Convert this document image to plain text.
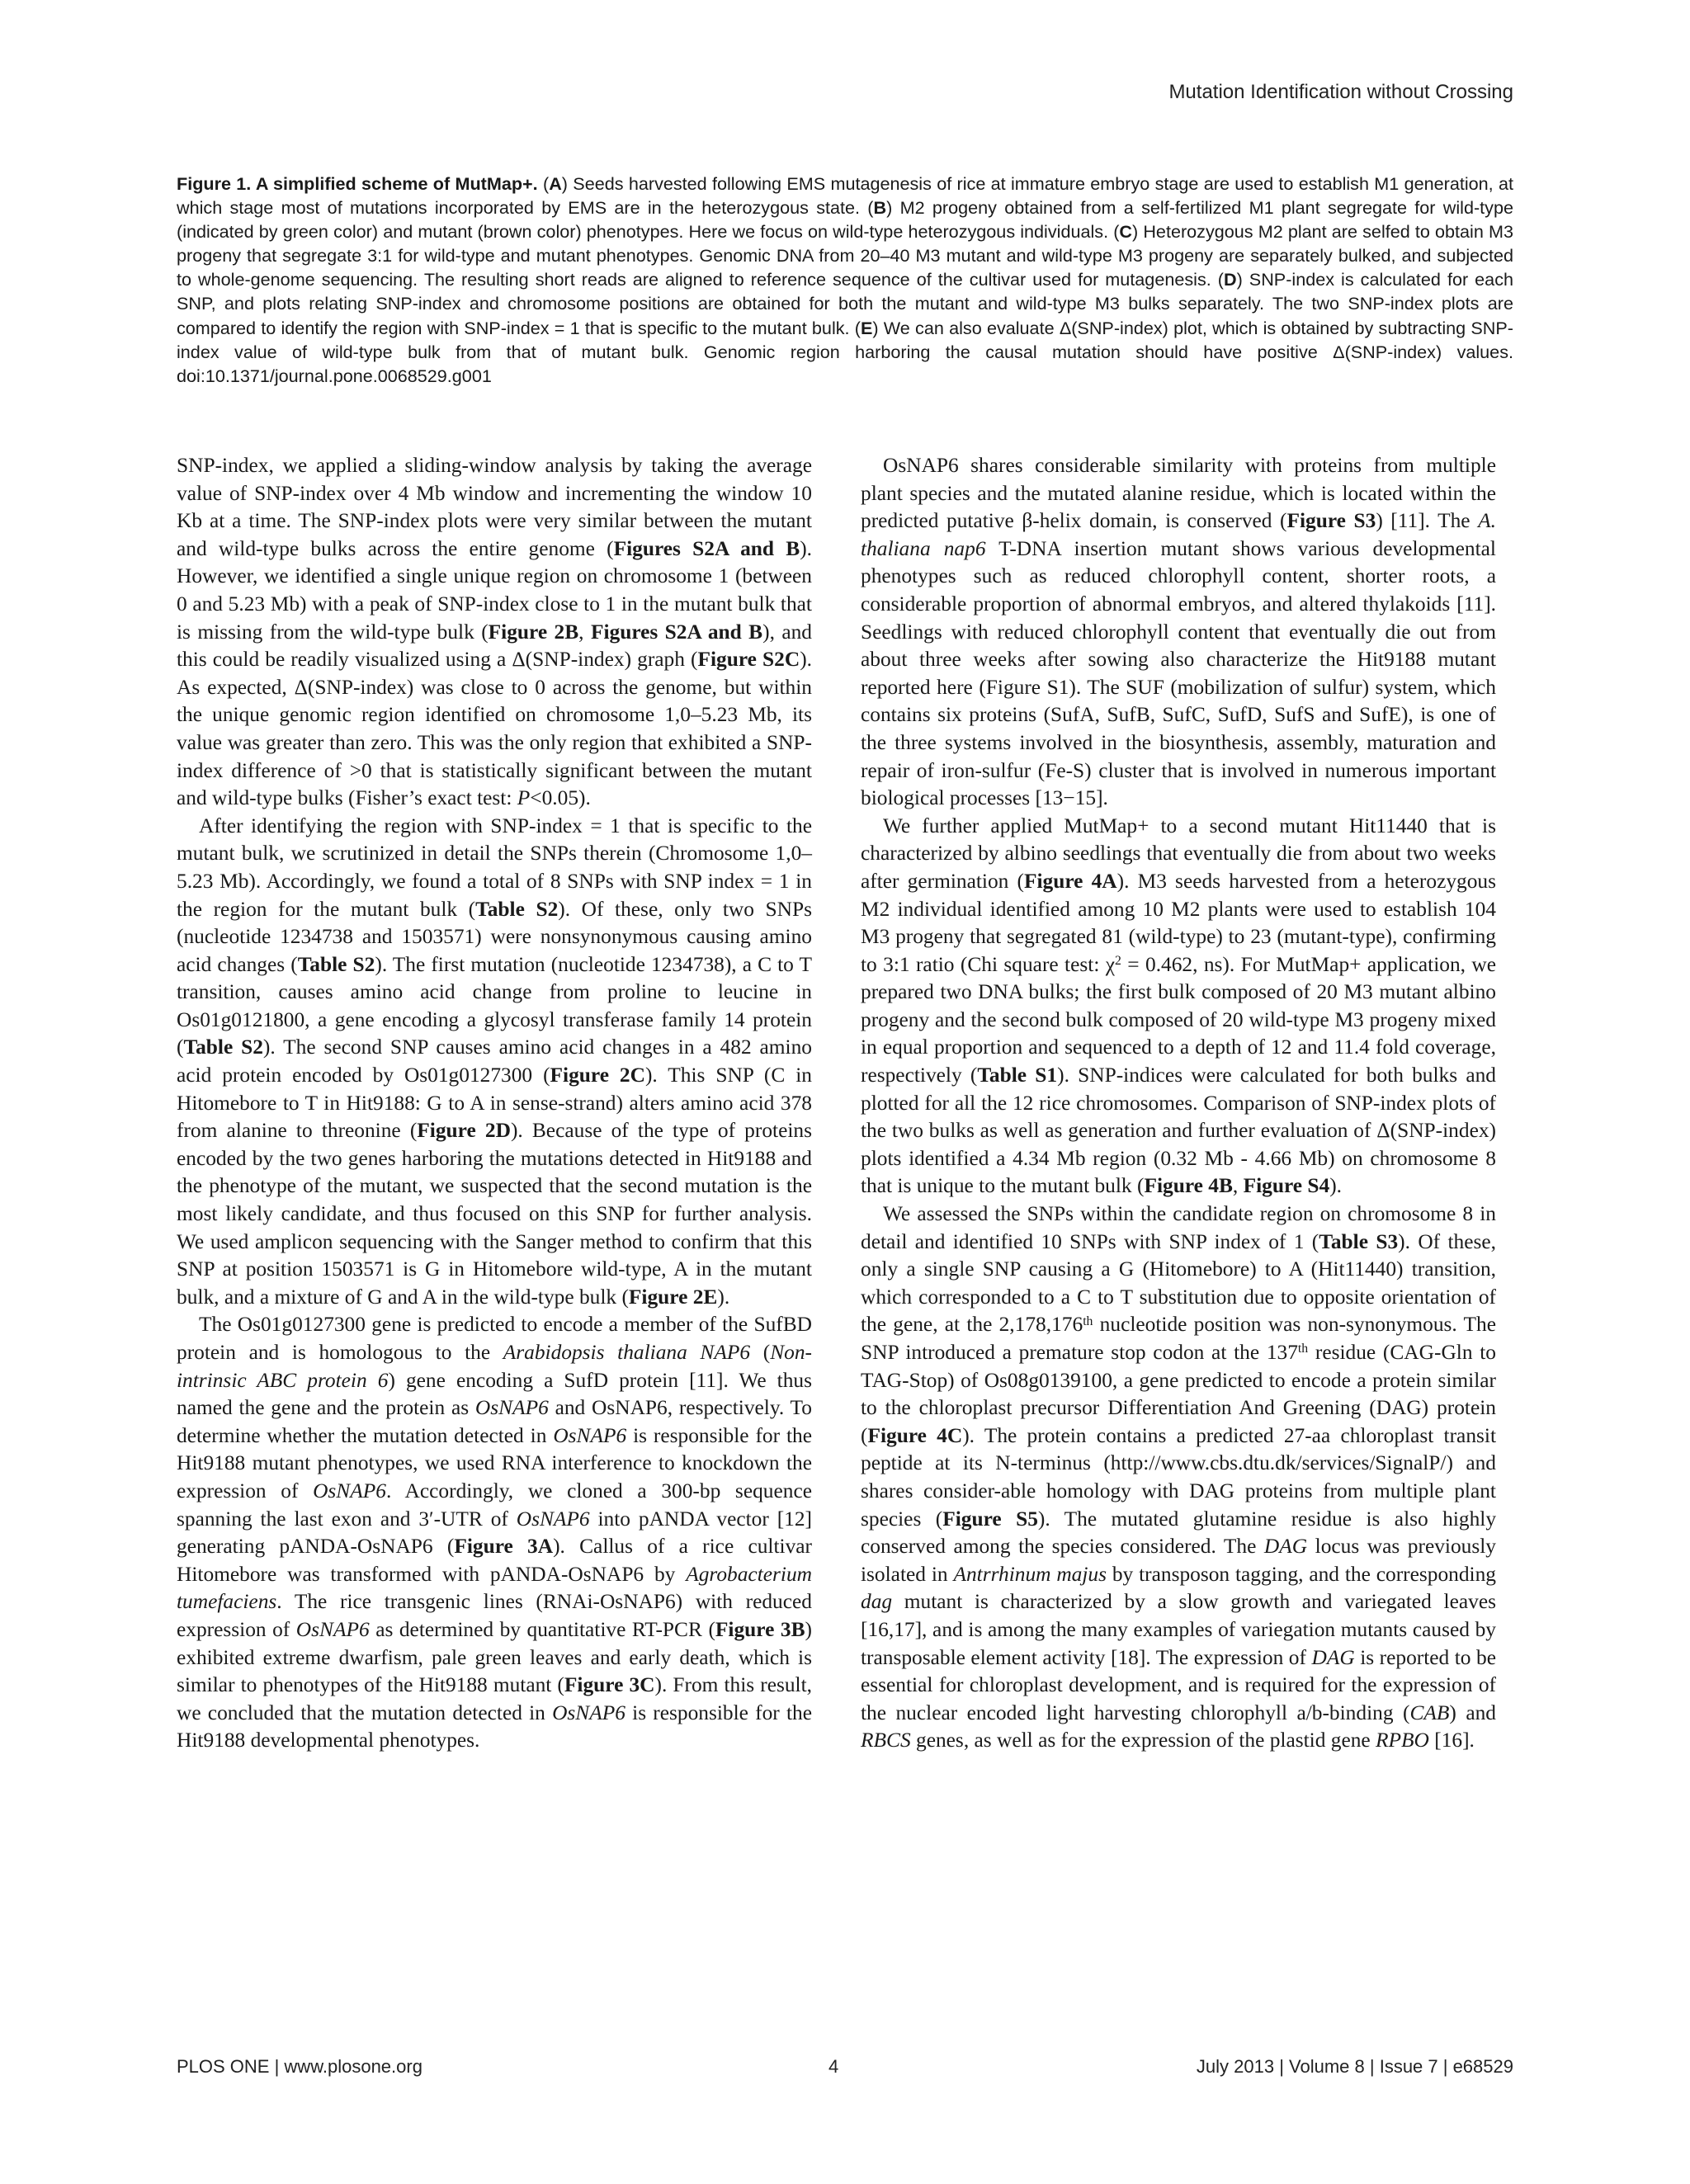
Mutation Identification without Crossing
Figure 1. A simplified scheme of MutMap+. (A) Seeds harvested following EMS mutagenesis of rice at immature embryo stage are used to establish M1 generation, at which stage most of mutations incorporated by EMS are in the heterozygous state. (B) M2 progeny obtained from a self-fertilized M1 plant segregate for wild-type (indicated by green color) and mutant (brown color) phenotypes. Here we focus on wild-type heterozygous individuals. (C) Heterozygous M2 plant are selfed to obtain M3 progeny that segregate 3:1 for wild-type and mutant phenotypes. Genomic DNA from 20–40 M3 mutant and wild-type M3 progeny are separately bulked, and subjected to whole-genome sequencing. The resulting short reads are aligned to reference sequence of the cultivar used for mutagenesis. (D) SNP-index is calculated for each SNP, and plots relating SNP-index and chromosome positions are obtained for both the mutant and wild-type M3 bulks separately. The two SNP-index plots are compared to identify the region with SNP-index = 1 that is specific to the mutant bulk. (E) We can also evaluate Δ(SNP-index) plot, which is obtained by subtracting SNP-index value of wild-type bulk from that of mutant bulk. Genomic region harboring the causal mutation should have positive Δ(SNP-index) values. doi:10.1371/journal.pone.0068529.g001

SNP-index, we applied a sliding-window analysis by taking the average value of SNP-index over 4 Mb window and incrementing the window 10 Kb at a time. The SNP-index plots were very similar between the mutant and wild-type bulks across the entire genome (Figures S2A and B). However, we identified a single unique region on chromosome 1 (between 0 and 5.23 Mb) with a peak of SNP-index close to 1 in the mutant bulk that is missing from the wild-type bulk (Figure 2B, Figures S2A and B), and this could be readily visualized using a Δ(SNP-index) graph (Figure S2C). As expected, Δ(SNP-index) was close to 0 across the genome, but within the unique genomic region identified on chromosome 1,0–5.23 Mb, its value was greater than zero. This was the only region that exhibited a SNP-index difference of >0 that is statistically significant between the mutant and wild-type bulks (Fisher’s exact test: P<0.05).

After identifying the region with SNP-index = 1 that is specific to the mutant bulk, we scrutinized in detail the SNPs therein (Chromosome 1,0–5.23 Mb). Accordingly, we found a total of 8 SNPs with SNP index = 1 in the region for the mutant bulk (Table S2). Of these, only two SNPs (nucleotide 1234738 and 1503571) were nonsynonymous causing amino acid changes (Table S2). The first mutation (nucleotide 1234738), a C to T transition, causes amino acid change from proline to leucine in Os01g0121800, a gene encoding a glycosyl transferase family 14 protein (Table S2). The second SNP causes amino acid changes in a 482 amino acid protein encoded by Os01g0127300 (Figure 2C). This SNP (C in Hitomebore to T in Hit9188: G to A in sense-strand) alters amino acid 378 from alanine to threonine (Figure 2D). Because of the type of proteins encoded by the two genes harboring the mutations detected in Hit9188 and the phenotype of the mutant, we suspected that the second mutation is the most likely candidate, and thus focused on this SNP for further analysis. We used amplicon sequencing with the Sanger method to confirm that this SNP at position 1503571 is G in Hitomebore wild-type, A in the mutant bulk, and a mixture of G and A in the wild-type bulk (Figure 2E).

The Os01g0127300 gene is predicted to encode a member of the SufBD protein and is homologous to the Arabidopsis thaliana NAP6 (Non-intrinsic ABC protein 6) gene encoding a SufD protein [11]. We thus named the gene and the protein as OsNAP6 and OsNAP6, respectively. To determine whether the mutation detected in OsNAP6 is responsible for the Hit9188 mutant phenotypes, we used RNA interference to knockdown the expression of OsNAP6. Accordingly, we cloned a 300-bp sequence spanning the last exon and 3′-UTR of OsNAP6 into pANDA vector [12] generating pANDA-OsNAP6 (Figure 3A). Callus of a rice cultivar Hitomebore was transformed with pANDA-OsNAP6 by Agrobacterium tumefaciens. The rice transgenic lines (RNAi-OsNAP6) with reduced expression of OsNAP6 as determined by quantitative RT-PCR (Figure 3B) exhibited extreme dwarfism, pale green leaves and early death, which is similar to phenotypes of the Hit9188 mutant (Figure 3C). From this result, we concluded that the mutation detected in OsNAP6 is responsible for the Hit9188 developmental phenotypes.

OsNAP6 shares considerable similarity with proteins from multiple plant species and the mutated alanine residue, which is located within the predicted putative β-helix domain, is conserved (Figure S3) [11]. The A. thaliana nap6 T-DNA insertion mutant shows various developmental phenotypes such as reduced chlorophyll content, shorter roots, a considerable proportion of abnormal embryos, and altered thylakoids [11]. Seedlings with reduced chlorophyll content that eventually die out from about three weeks after sowing also characterize the Hit9188 mutant reported here (Figure S1). The SUF (mobilization of sulfur) system, which contains six proteins (SufA, SufB, SufC, SufD, SufS and SufE), is one of the three systems involved in the biosynthesis, assembly, maturation and repair of iron-sulfur (Fe-S) cluster that is involved in numerous important biological processes [13−15].

We further applied MutMap+ to a second mutant Hit11440 that is characterized by albino seedlings that eventually die from about two weeks after germination (Figure 4A). M3 seeds harvested from a heterozygous M2 individual identified among 10 M2 plants were used to establish 104 M3 progeny that segregated 81 (wild-type) to 23 (mutant-type), confirming to 3:1 ratio (Chi square test: $\chi^2 = 0.462$, ns). For MutMap+ application, we prepared two DNA bulks; the first bulk composed of 20 M3 mutant albino progeny and the second bulk composed of 20 wild-type M3 progeny mixed in equal proportion and sequenced to a depth of 12 and 11.4 fold coverage, respectively (Table S1). SNP-indices were calculated for both bulks and plotted for all the 12 rice chromosomes. Comparison of SNP-index plots of the two bulks as well as generation and further evaluation of Δ(SNP-index) plots identified a 4.34 Mb region (0.32 Mb - 4.66 Mb) on chromosome 8 that is unique to the mutant bulk (Figure 4B, Figure S4).

We assessed the SNPs within the candidate region on chromosome 8 in detail and identified 10 SNPs with SNP index of 1 (Table S3). Of these, only a single SNP causing a G (Hitomebore) to A (Hit11440) transition, which corresponded to a C to T substitution due to opposite orientation of the gene, at the 2,178,176th nucleotide position was non-synonymous. The SNP introduced a premature stop codon at the 137th residue (CAG-Gln to TAG-Stop) of Os08g0139100, a gene predicted to encode a protein similar to the chloroplast precursor Differentiation And Greening (DAG) protein (Figure 4C). The protein contains a predicted 27-aa chloroplast transit peptide at its N-terminus (http://www.cbs.dtu.dk/services/SignalP/) and shares consider-able homology with DAG proteins from multiple plant species (Figure S5). The mutated glutamine residue is also highly conserved among the species considered. The DAG locus was previously isolated in Antrrhinum majus by transposon tagging, and the corresponding dag mutant is characterized by a slow growth and variegated leaves [16,17], and is among the many examples of variegation mutants caused by transposable element activity [18]. The expression of DAG is reported to be essential for chloroplast development, and is required for the expression of the nuclear encoded light harvesting chlorophyll a/b-binding (CAB) and RBCS genes, as well as for the expression of the plastid gene RPBO [16].

PLOS ONE | www.plosone.org	4	July 2013 | Volume 8 | Issue 7 | e68529
